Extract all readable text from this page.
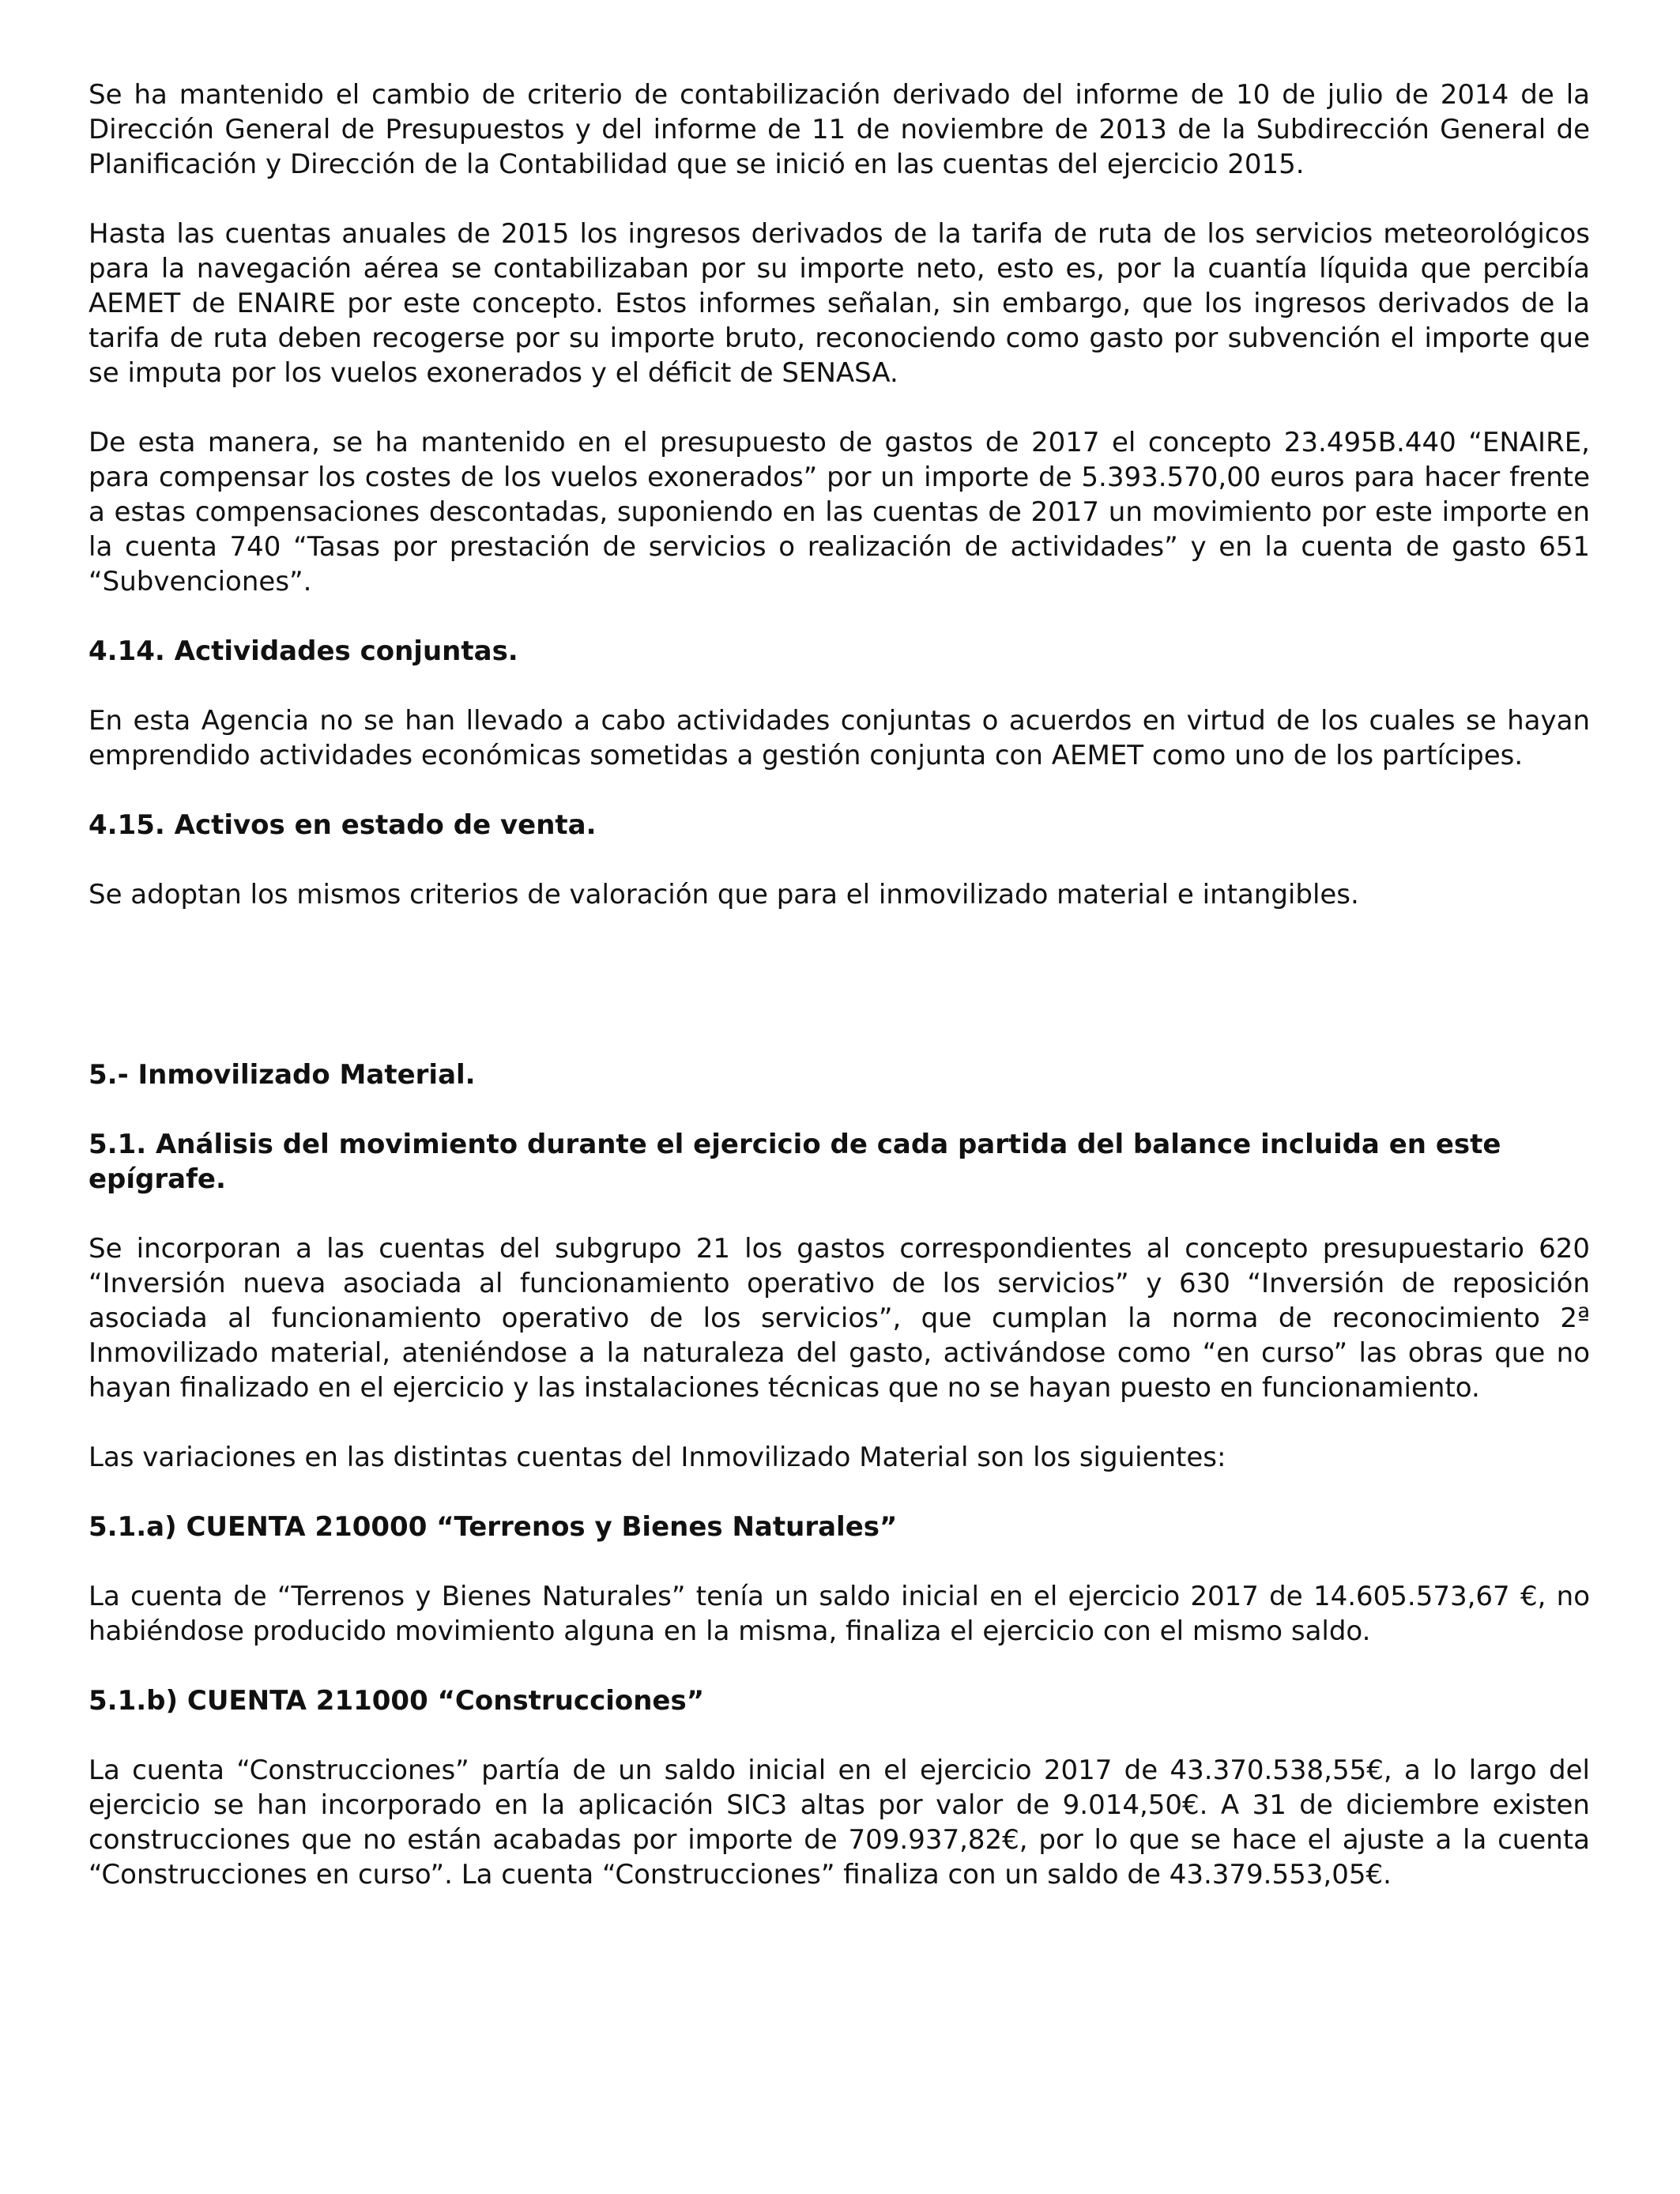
Se ha mantenido el cambio de criterio de contabilización derivado del informe de 10 de julio de 2014 de la Dirección General de Presupuestos y del informe de 11 de noviembre de 2013 de la Subdirección General de Planificación y Dirección de la Contabilidad que se inició en las cuentas del ejercicio 2015.

Hasta las cuentas anuales de 2015 los ingresos derivados de la tarifa de ruta de los servicios meteorológicos para la navegación aérea se contabilizaban por su importe neto, esto es, por la cuantía líquida que percibía AEMET de ENAIRE por este concepto. Estos informes señalan, sin embargo, que los ingresos derivados de la tarifa de ruta deben recogerse por su importe bruto, reconociendo como gasto por subvención el importe que se imputa por los vuelos exonerados y el déficit de SENASA.

De esta manera, se ha mantenido en el presupuesto de gastos de 2017 el concepto 23.495B.440 “ENAIRE, para compensar los costes de los vuelos exonerados” por un importe de 5.393.570,00 euros para hacer frente a estas compensaciones descontadas, suponiendo en las cuentas de 2017 un movimiento por este importe en la cuenta 740 “Tasas por prestación de servicios o realización de actividades” y en la cuenta de gasto 651 “Subvenciones”.

4.14. Actividades conjuntas.

En esta Agencia no se han llevado a cabo actividades conjuntas o acuerdos en virtud de los cuales se hayan emprendido actividades económicas sometidas a gestión conjunta con AEMET como uno de los partícipes.

4.15. Activos en estado de venta.

Se adoptan los mismos criterios de valoración que para el inmovilizado material e intangibles.

5.- Inmovilizado Material.
5.1. Análisis del movimiento durante el ejercicio de cada partida del balance incluida en este epígrafe.

Se incorporan a las cuentas del subgrupo 21 los gastos correspondientes al concepto presupuestario 620 “Inversión nueva asociada al funcionamiento operativo de los servicios” y 630 “Inversión de reposición asociada al funcionamiento operativo de los servicios”, que cumplan la norma de reconocimiento 2ª Inmovilizado material, ateniéndose a la naturaleza del gasto, activándose como “en curso” las obras que no hayan finalizado en el ejercicio y las instalaciones técnicas que no se hayan puesto en funcionamiento.

Las variaciones en las distintas cuentas del Inmovilizado Material son los siguientes:

5.1.a) CUENTA 210000 “Terrenos y Bienes Naturales”

La cuenta de “Terrenos y Bienes Naturales” tenía un saldo inicial en el ejercicio 2017 de 14.605.573,67 €, no habiéndose producido movimiento alguna en la misma, finaliza el ejercicio con el mismo saldo.

5.1.b) CUENTA 211000 “Construcciones”

La cuenta “Construcciones” partía de un saldo inicial en el ejercicio 2017 de 43.370.538,55€, a lo largo del ejercicio se han incorporado en la aplicación SIC3 altas por valor de 9.014,50€. A 31 de diciembre existen construcciones que no están acabadas por importe de 709.937,82€, por lo que se hace el ajuste a la cuenta “Construcciones en curso”. La cuenta “Construcciones” finaliza con un saldo de 43.379.553,05€.
